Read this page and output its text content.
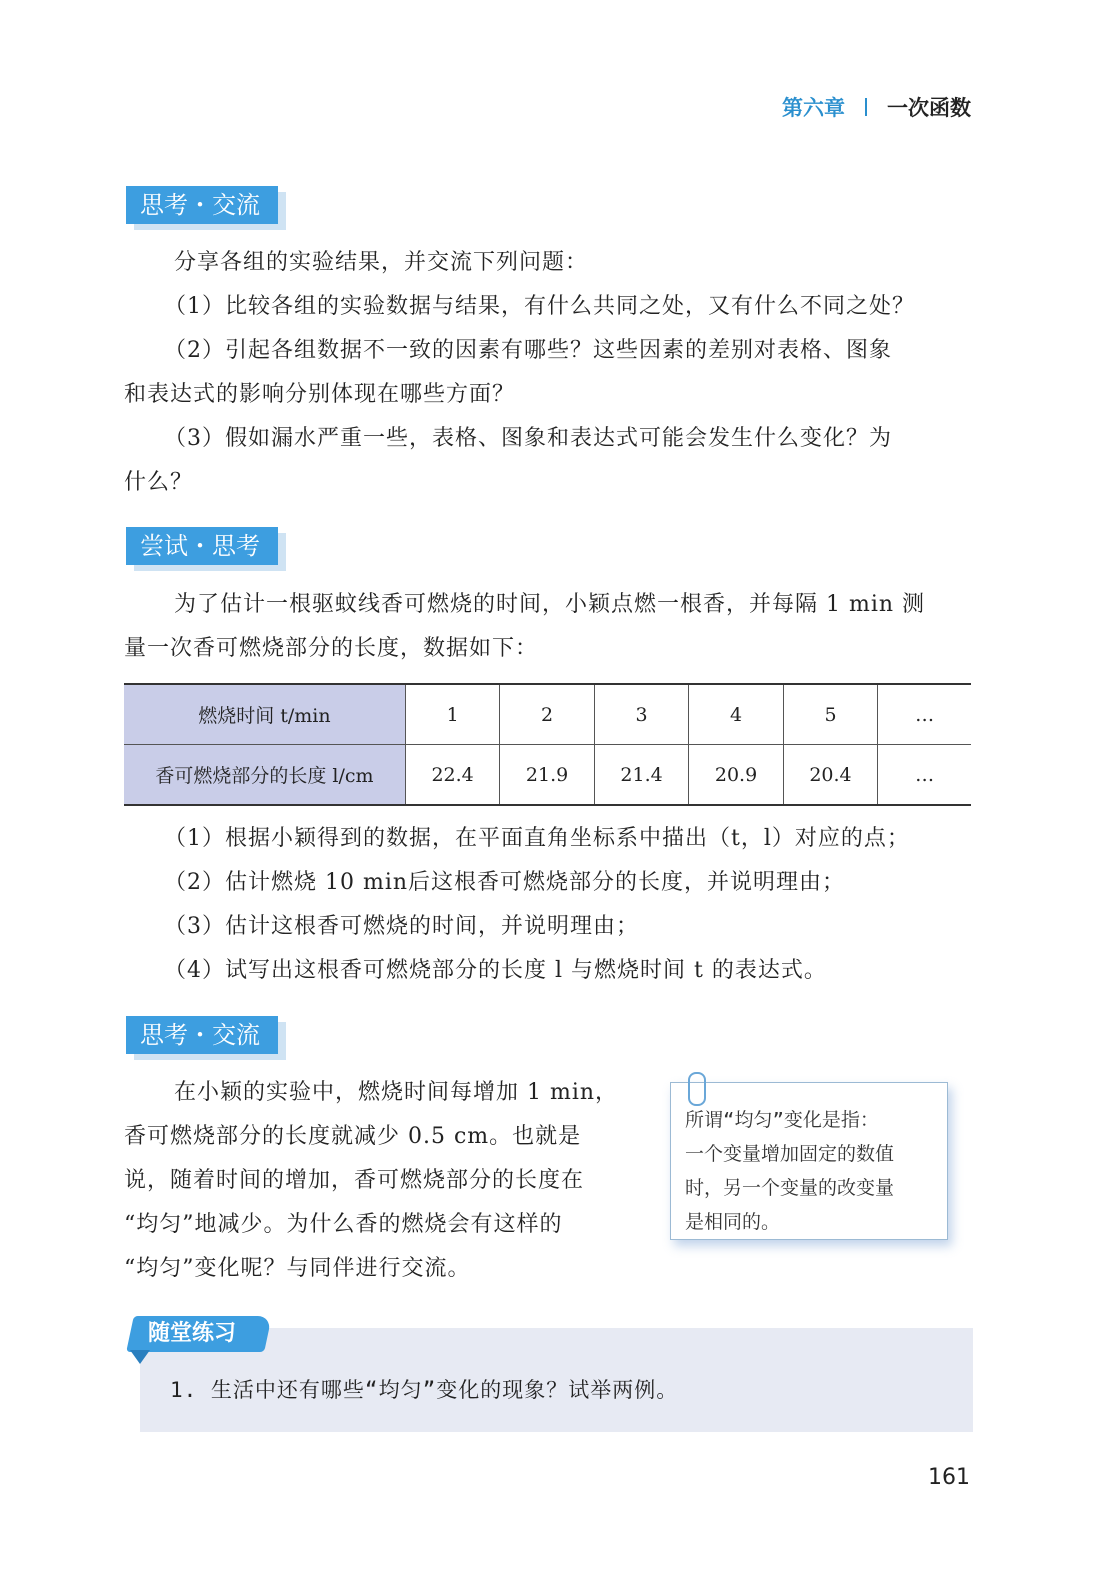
第六章 一次函数
思考・交流
分享各组的实验结果，并交流下列问题：
（1）比较各组的实验数据与结果，有什么共同之处，又有什么不同之处？
（2）引起各组数据不一致的因素有哪些？这些因素的差别对表格、图象
和表达式的影响分别体现在哪些方面？
（3）假如漏水严重一些，表格、图象和表达式可能会发生什么变化？为
什么？
尝试・思考
为了估计一根驱蚊线香可燃烧的时间，小颖点燃一根香，并每隔 1 min 测
量一次香可燃烧部分的长度，数据如下：
燃烧时间 t/min	1	2	3	4	5	…
香可燃烧部分的长度 l/cm	22.4	21.9	21.4	20.9	20.4	…
（1）根据小颖得到的数据，在平面直角坐标系中描出（t，l）对应的点；
（2）估计燃烧 10 min后这根香可燃烧部分的长度，并说明理由；
（3）估计这根香可燃烧的时间，并说明理由；
（4）试写出这根香可燃烧部分的长度 l 与燃烧时间 t 的表达式。
思考・交流
在小颖的实验中，燃烧时间每增加 1 min，
香可燃烧部分的长度就减少 0.5 cm。也就是
说，随着时间的增加，香可燃烧部分的长度在
“均匀”地减少。为什么香的燃烧会有这样的
“均匀”变化呢？与同伴进行交流。
所谓“均匀”变化是指：
一个变量增加固定的数值
时，另一个变量的改变量
是相同的。
随堂练习
1. 生活中还有哪些“均匀”变化的现象？试举两例。
161
